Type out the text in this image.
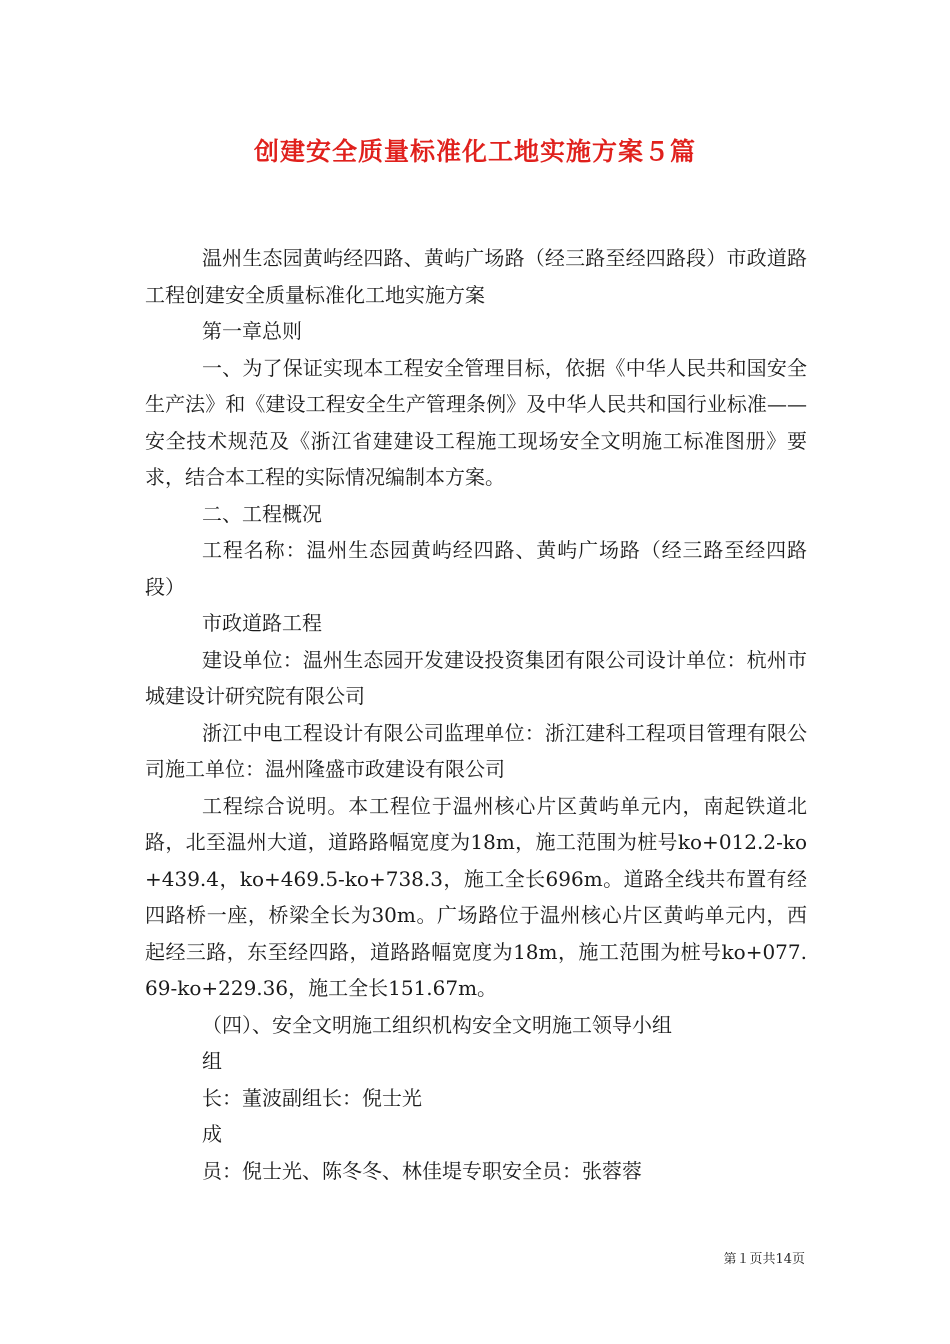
创建安全质量标准化工地实施方案５篇

温州生态园黄屿经四路、黄屿广场路（经三路至经四路段）市政道路工程创建安全质量标准化工地实施方案

第一章总则

一、为了保证实现本工程安全管理目标，依据《中华人民共和国安全生产法》和《建设工程安全生产管理条例》及中华人民共和国行业标准——安全技术规范及《浙江省建建设工程施工现场安全文明施工标准图册》要求，结合本工程的实际情况编制本方案。

二、工程概况

工程名称：温州生态园黄屿经四路、黄屿广场路（经三路至经四路段）

市政道路工程

建设单位：温州生态园开发建设投资集团有限公司设计单位：杭州市城建设计研究院有限公司

浙江中电工程设计有限公司监理单位：浙江建科工程项目管理有限公司施工单位：温州隆盛市政建设有限公司

工程综合说明。本工程位于温州核心片区黄屿单元内，南起铁道北路，北至温州大道，道路路幅宽度为18m，施工范围为桩号ko+012.2-ko+439.4，ko+469.5-ko+738.3，施工全长696m。道路全线共布置有经四路桥一座，桥梁全长为30m。广场路位于温州核心片区黄屿单元内，西起经三路，东至经四路，道路路幅宽度为18m，施工范围为桩号ko+077.69-ko+229.36，施工全长151.67m。

（四）、安全文明施工组织机构安全文明施工领导小组

组

长：董波副组长：倪士光

成

员：倪士光、陈冬冬、林佳堤专职安全员：张蓉蓉

第１页共14页
